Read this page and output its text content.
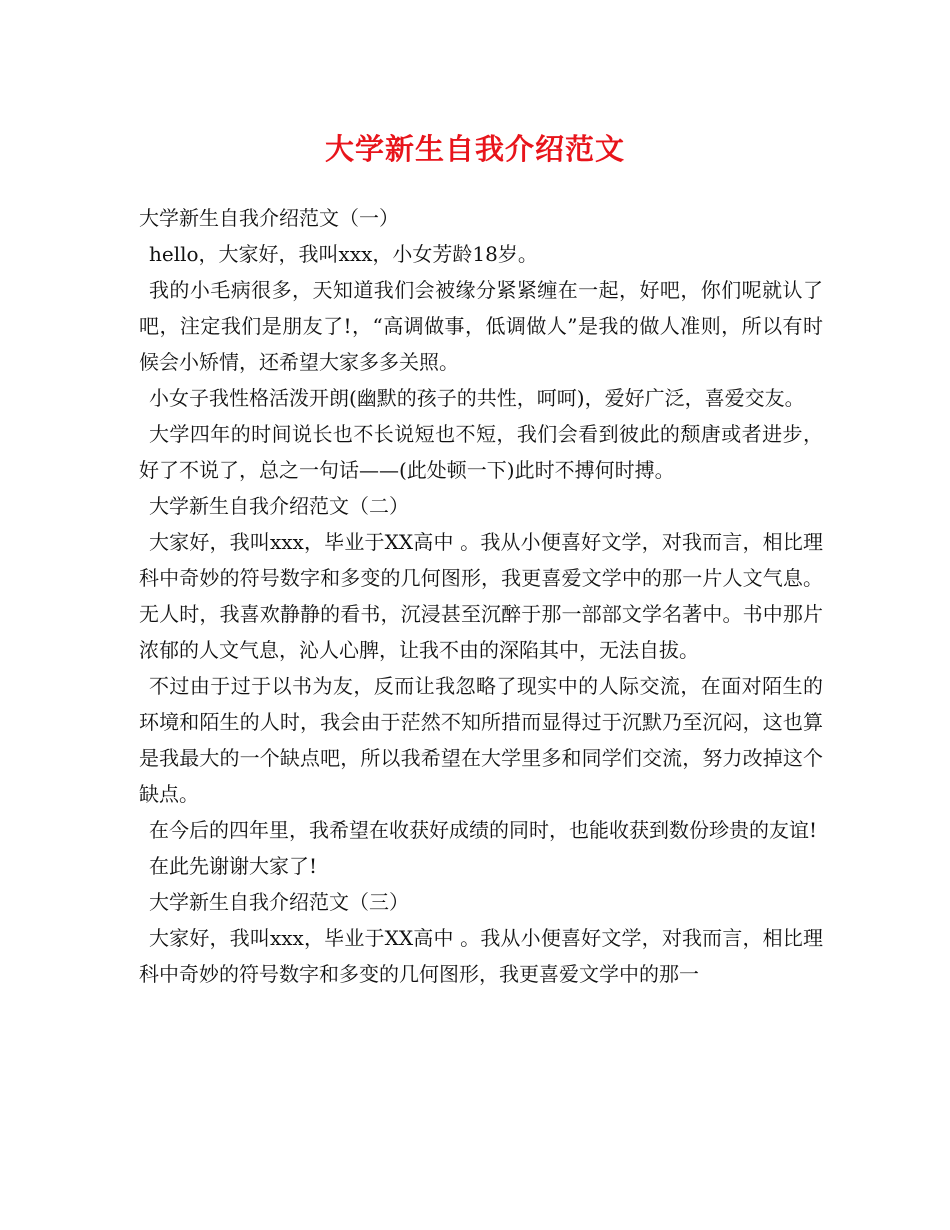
大学新生自我介绍范文

大学新生自我介绍范文（一）

hello，大家好，我叫xxx，小女芳龄18岁。

我的小毛病很多，天知道我们会被缘分紧紧缠在一起，好吧，你们呢就认了吧，注定我们是朋友了!，“高调做事，低调做人”是我的做人准则，所以有时候会小矫情，还希望大家多多关照。

小女子我性格活泼开朗(幽默的孩子的共性，呵呵)，爱好广泛，喜爱交友。

大学四年的时间说长也不长说短也不短，我们会看到彼此的颓唐或者进步，好了不说了，总之一句话——(此处顿一下)此时不搏何时搏。

大学新生自我介绍范文（二）

大家好，我叫xxx，毕业于XX高中 。我从小便喜好文学，对我而言，相比理科中奇妙的符号数字和多变的几何图形，我更喜爱文学中的那一片人文气息。无人时，我喜欢静静的看书，沉浸甚至沉醉于那一部部文学名著中。书中那片浓郁的人文气息，沁人心脾，让我不由的深陷其中，无法自拔。

不过由于过于以书为友，反而让我忽略了现实中的人际交流，在面对陌生的环境和陌生的人时，我会由于茫然不知所措而显得过于沉默乃至沉闷，这也算是我最大的一个缺点吧，所以我希望在大学里多和同学们交流，努力改掉这个缺点。

在今后的四年里，我希望在收获好成绩的同时，也能收获到数份珍贵的友谊!

在此先谢谢大家了!

大学新生自我介绍范文（三）

大家好，我叫xxx，毕业于XX高中 。我从小便喜好文学，对我而言，相比理科中奇妙的符号数字和多变的几何图形，我更喜爱文学中的那一
